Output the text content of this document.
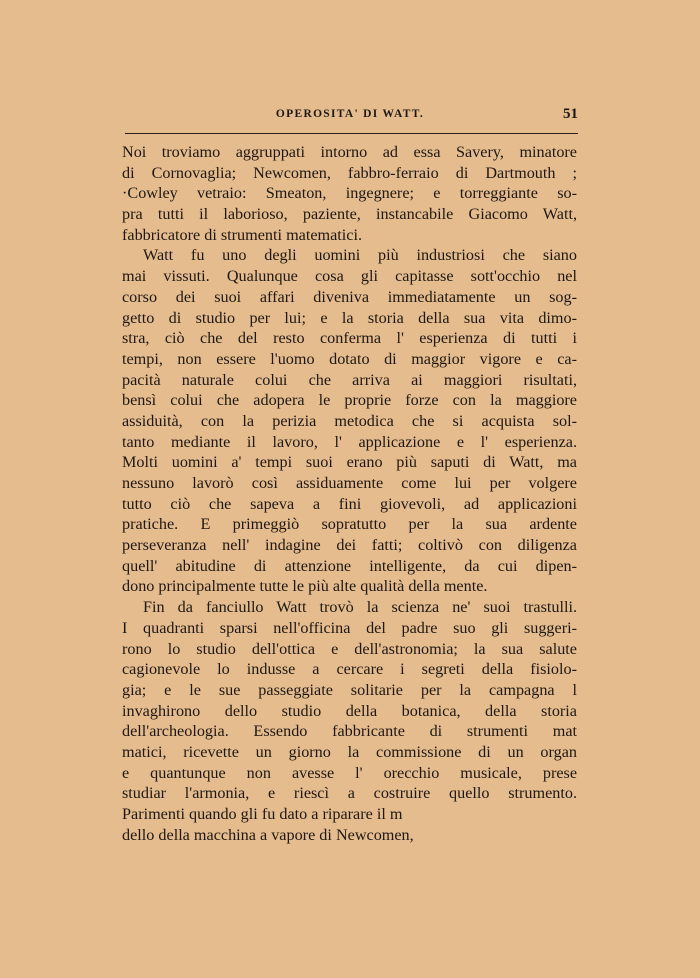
OPEROSITA' DI WATT.	51
Noi troviamo aggruppati intorno ad essa Savery, minatore
di Cornovaglia; Newcomen, fabbro-ferraio di Dartmouth ;
·Cowley vetraio: Smeaton, ingegnere; e torreggiante so-
pra tutti il laborioso, paziente, instancabile Giacomo Watt,
fabbricatore di strumenti matematici.
Watt fu uno degli uomini più industriosi che siano
mai vissuti. Qualunque cosa gli capitasse sott'occhio nel
corso dei suoi affari diveniva immediatamente un sog-
getto di studio per lui; e la storia della sua vita dimo-
stra, ciò che del resto conferma l' esperienza di tutti i
tempi, non essere l'uomo dotato di maggior vigore e ca-
pacità naturale colui che arriva ai maggiori risultati,
bensì colui che adopera le proprie forze con la maggiore
assiduità, con la perizia metodica che si acquista sol-
tanto mediante il lavoro, l' applicazione e l' esperienza.
Molti uomini a' tempi suoi erano più saputi di Watt, ma
nessuno lavorò così assiduamente come lui per volgere
tutto ciò che sapeva a fini giovevoli, ad applicazioni
pratiche. E primeggiò sopratutto per la sua ardente
perseveranza nell' indagine dei fatti; coltivò con diligenza
quell' abitudine di attenzione intelligente, da cui dipen-
dono principalmente tutte le più alte qualità della mente.
Fin da fanciullo Watt trovò la scienza ne' suoi trastulli.
I quadranti sparsi nell'officina del padre suo gli suggeri-
rono lo studio dell'ottica e dell'astronomia; la sua salute
cagionevole lo indusse a cercare i segreti della fisiolo-
gia; e le sue passeggiate solitarie per la campagna l
invaghirono dello studio della botanica, della storia
dell'archeologia. Essendo fabbricante di strumenti mat
matici, ricevette un giorno la commissione di un organ
e quantunque non avesse l' orecchio musicale, prese
studiar l'armonia, e riescì a costruire quello strumento.
Parimenti quando gli fu dato a riparare il m
dello della macchina a vapore di Newcomen,
